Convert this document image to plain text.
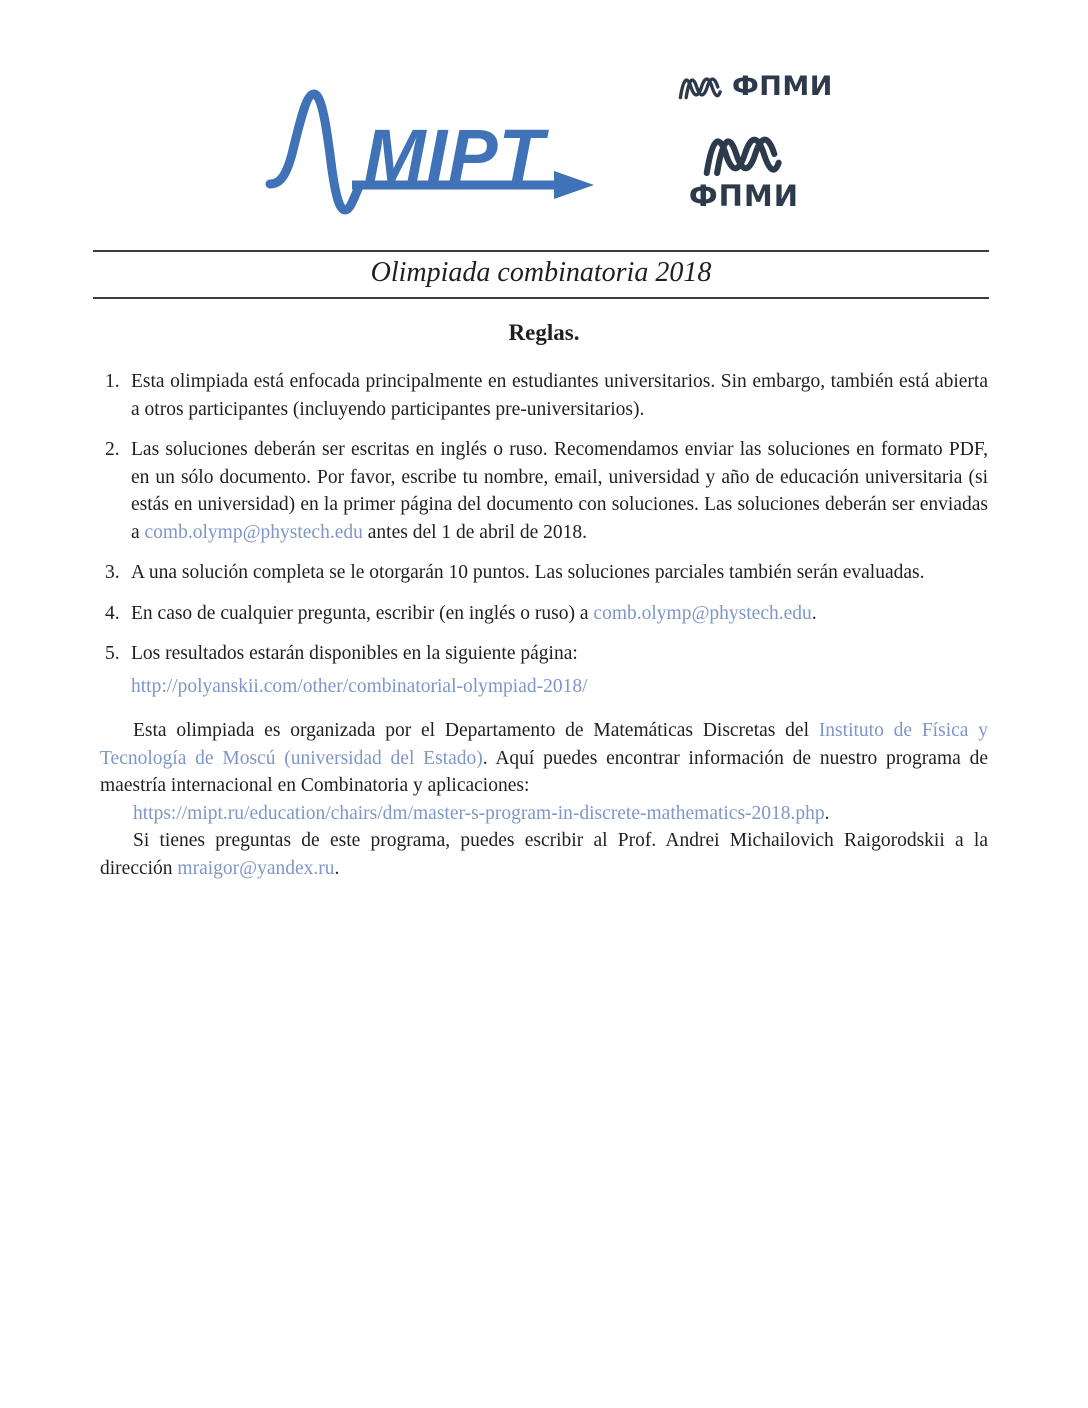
MIPT
ФПМИ
ФПМИ
Olimpiada combinatoria 2018
Reglas.
1. Esta olimpiada está enfocada principalmente en estudiantes universitarios. Sin embargo, también está abierta a otros participantes (incluyendo participantes pre-universitarios).

2. Las soluciones deberán ser escritas en inglés o ruso. Recomendamos enviar las soluciones en formato PDF, en un sólo documento. Por favor, escribe tu nombre, email, universidad y año de educación universitaria (si estás en universidad) en la primer página del documento con soluciones. Las soluciones deberán ser enviadas a comb.olymp@phystech.edu antes del 1 de abril de 2018.

3. A una solución completa se le otorgarán 10 puntos. Las soluciones parciales también serán evaluadas.

4. En caso de cualquier pregunta, escribir (en inglés o ruso) a comb.olymp@phystech.edu.

5. Los resultados estarán disponibles en la siguiente página:

http://polyanskii.com/other/combinatorial-olympiad-2018/

Esta olimpiada es organizada por el Departamento de Matemáticas Discretas del Instituto de Física y Tecnología de Moscú (universidad del Estado). Aquí puedes encontrar información de nuestro programa de maestría internacional en Combinatoria y aplicaciones:

https://mipt.ru/education/chairs/dm/master-s-program-in-discrete-mathematics-2018.php.

Si tienes preguntas de este programa, puedes escribir al Prof. Andrei Michailovich Raigorodskii a la dirección mraigor@yandex.ru.
